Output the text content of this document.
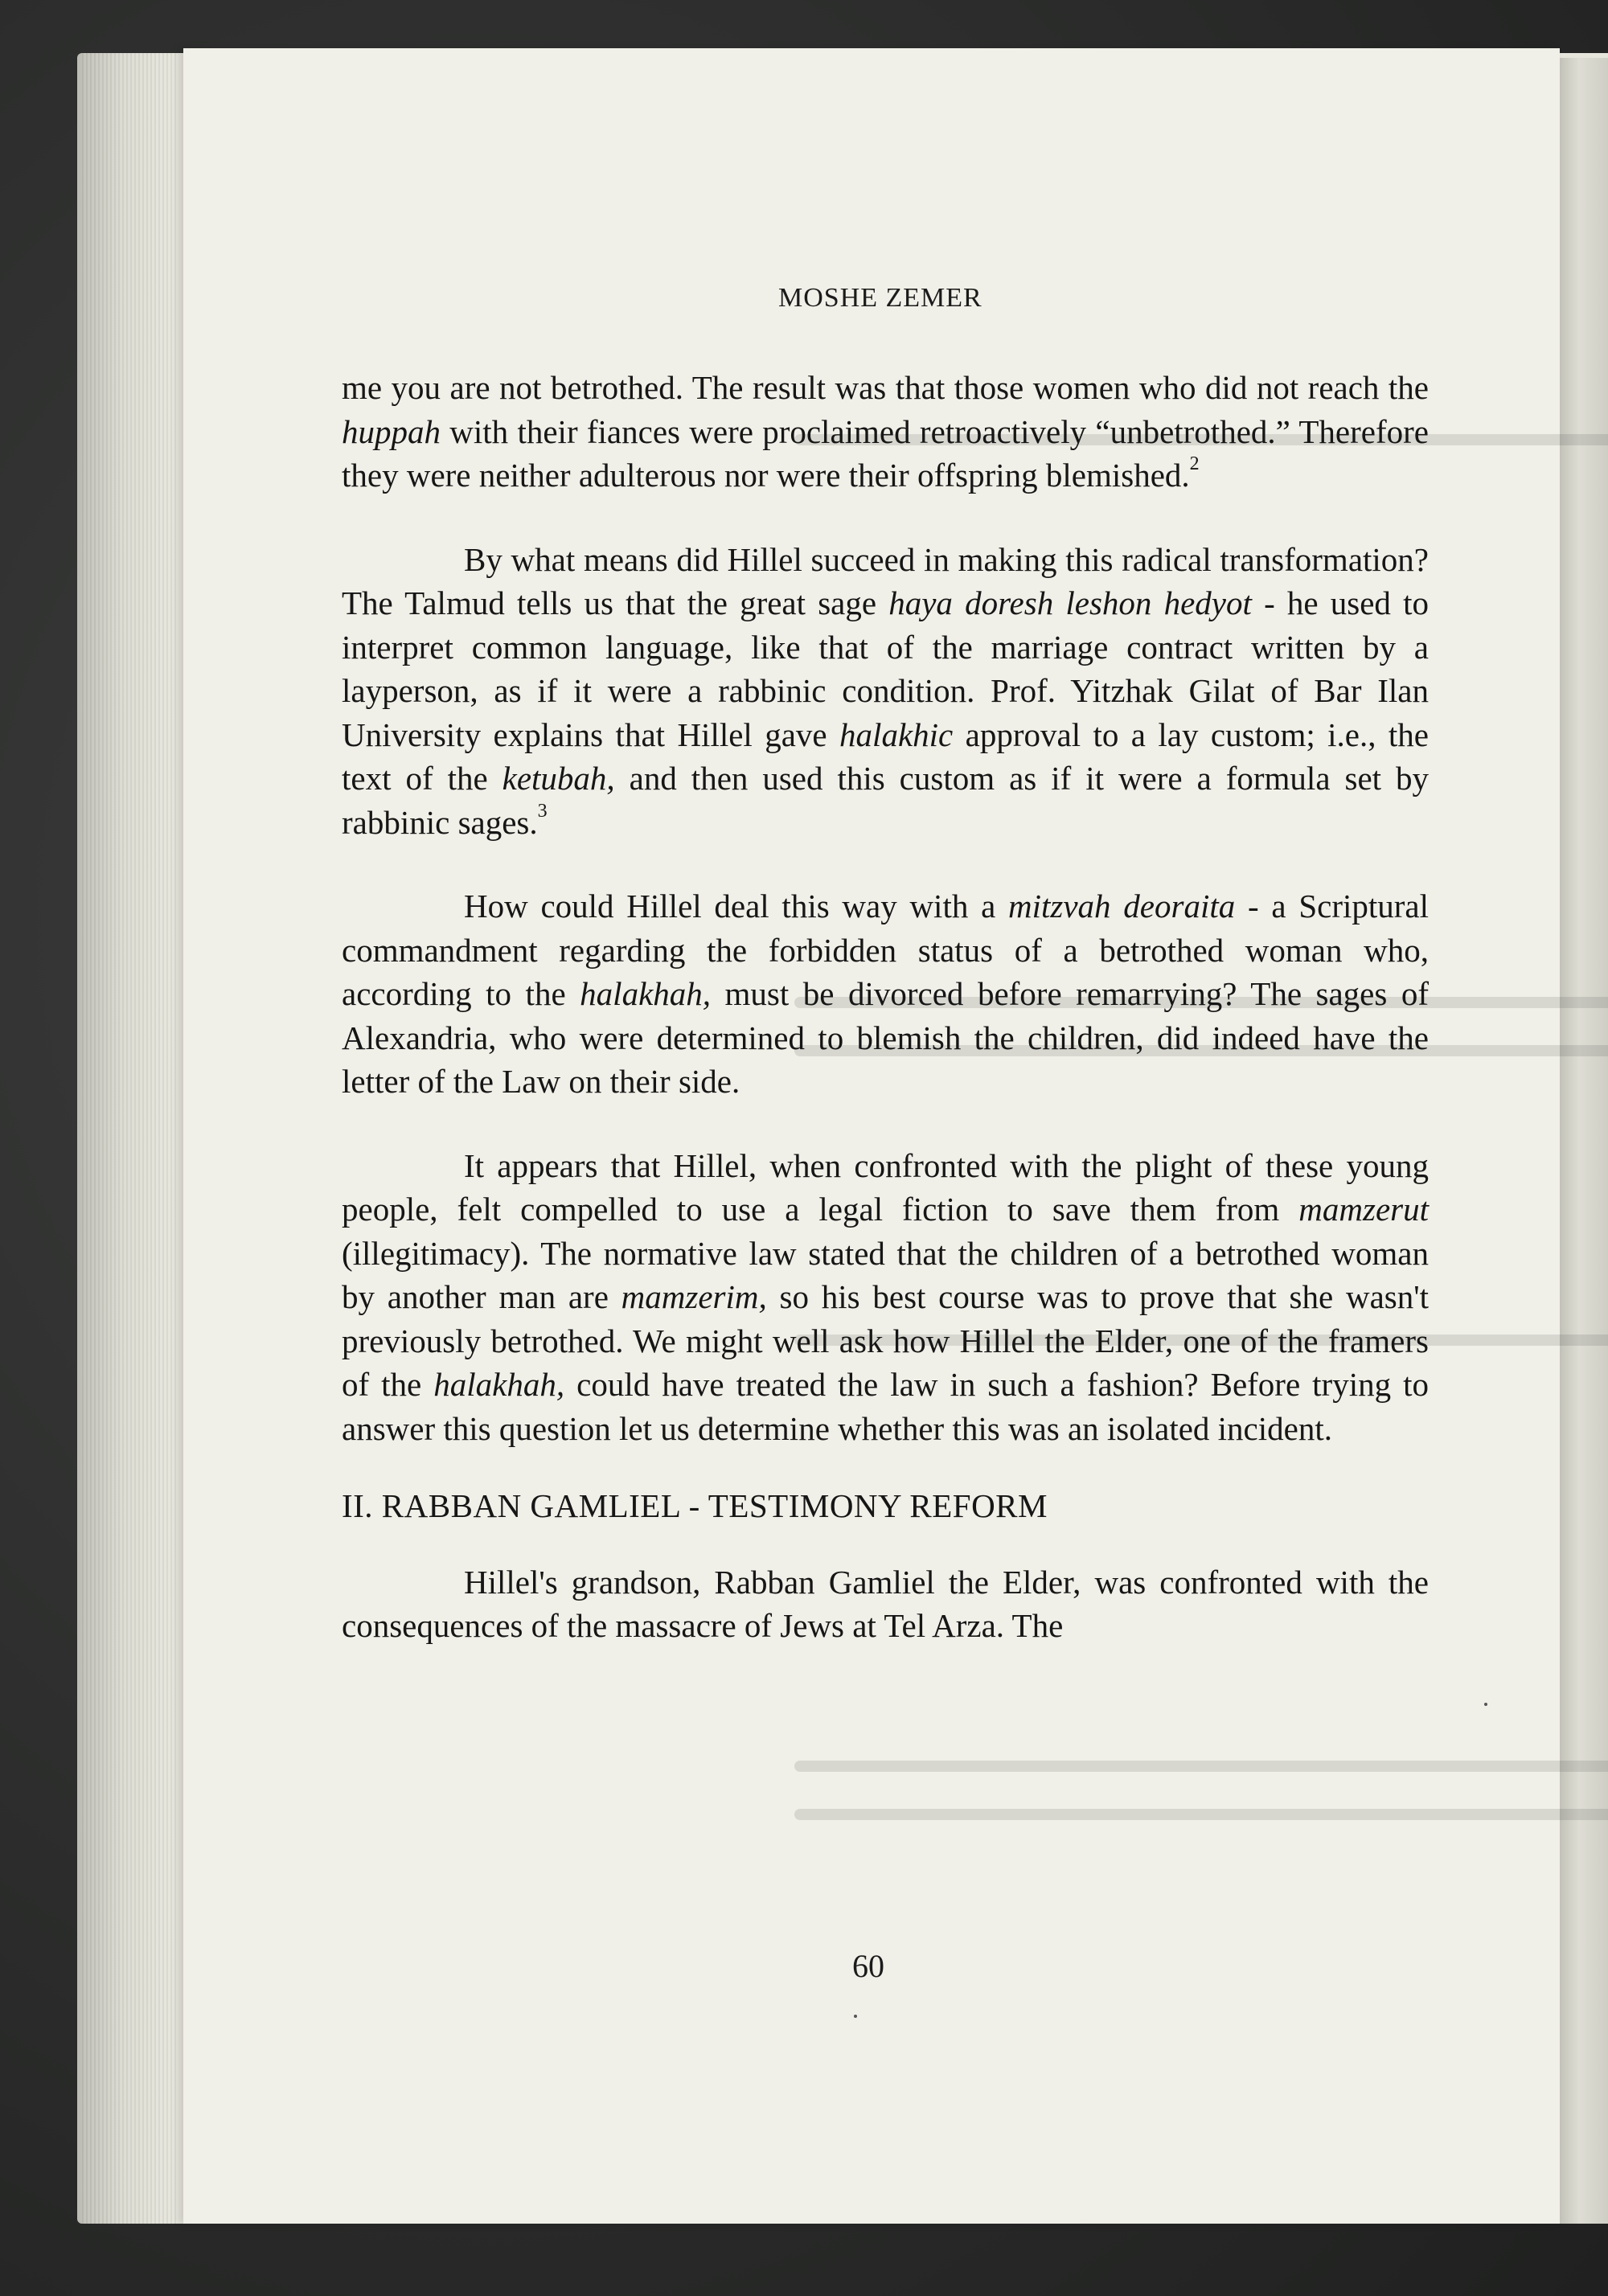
MOSHE ZEMER

me you are not betrothed. The result was that those women who did not reach the huppah with their fiances were proclaimed retroactively “unbetrothed.” Therefore they were neither adulterous nor were their offspring blemished.$^2$

By what means did Hillel succeed in making this radical transformation? The Talmud tells us that the great sage haya doresh leshon hedyot - he used to interpret common language, like that of the marriage contract written by a layperson, as if it were a rabbinic condition. Prof. Yitzhak Gilat of Bar Ilan University explains that Hillel gave halakhic approval to a lay custom; i.e., the text of the ketubah, and then used this custom as if it were a formula set by rabbinic sages.$^3$

How could Hillel deal this way with a mitzvah deoraita - a Scriptural commandment regarding the forbidden status of a betrothed woman who, according to the halakhah, must be divorced before remarrying? The sages of Alexandria, who were determined to blemish the children, did indeed have the letter of the Law on their side.

It appears that Hillel, when confronted with the plight of these young people, felt compelled to use a legal fiction to save them from mamzerut (illegitimacy). The normative law stated that the children of a betrothed woman by another man are mamzerim, so his best course was to prove that she wasn't previously betrothed. We might well ask how Hillel the Elder, one of the framers of the halakhah, could have treated the law in such a fashion? Before trying to answer this question let us determine whether this was an isolated incident.

II. RABBAN GAMLIEL - TESTIMONY REFORM

Hillel's grandson, Rabban Gamliel the Elder, was confronted with the consequences of the massacre of Jews at Tel Arza. The

60
